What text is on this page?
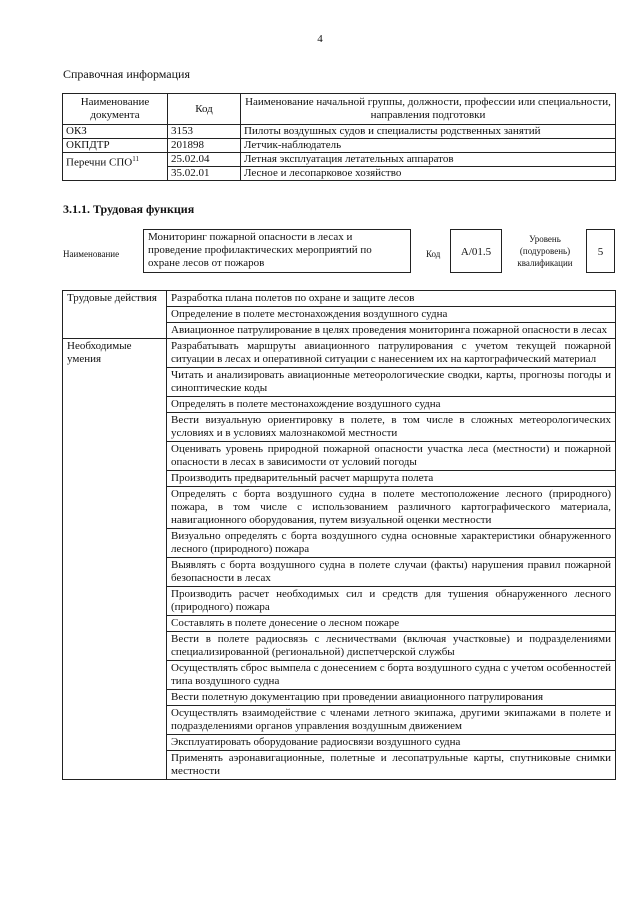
4
Справочная информация
Наименование документа	Код	Наименование начальной группы, должности, профессии или специальности, направления подготовки
ОКЗ	3153	Пилоты воздушных судов и специалисты родственных занятий
ОКПДТР	201898	Летчик-наблюдатель
Перечни СПО$^{11}$	25.02.04	Летная эксплуатация летательных аппаратов
	35.02.01	Лесное и лесопарковое хозяйство
3.1.1. Трудовая функция
Наименование
Мониторинг пожарной опасности в лесах и проведение профилактических мероприятий по охране лесов от пожаров
Код	А/01.5
Уровень (подуровень) квалификации
5
Трудовые действия	Разработка плана полетов по охране и защите лесов
	Определение в полете местонахождения воздушного судна
	Авиационное патрулирование в целях проведения мониторинга пожарной опасности в лесах
Необходимые умения	Разрабатывать маршруты авиационного патрулирования с учетом текущей пожарной ситуации в лесах и оперативной ситуации с нанесением их на картографический материал
	Читать и анализировать авиационные метеорологические сводки, карты, прогнозы погоды и синоптические коды
	Определять в полете местонахождение воздушного судна
	Вести визуальную ориентировку в полете, в том числе в сложных метеорологических условиях и в условиях малознакомой местности
	Оценивать уровень природной пожарной опасности участка леса (местности) и пожарной опасности в лесах в зависимости от условий погоды
	Производить предварительный расчет маршрута полета
	Определять с борта воздушного судна в полете местоположение лесного (природного) пожара, в том числе с использованием различного картографического материала, навигационного оборудования, путем визуальной оценки местности
	Визуально определять с борта воздушного судна основные характеристики обнаруженного лесного (природного) пожара
	Выявлять с борта воздушного судна в полете случаи (факты) нарушения правил пожарной безопасности в лесах
	Производить расчет необходимых сил и средств для тушения обнаруженного лесного (природного) пожара
	Составлять в полете донесение о лесном пожаре
	Вести в полете радиосвязь с лесничествами (включая участковые) и подразделениями специализированной (региональной) диспетчерской службы
	Осуществлять сброс вымпела с донесением с борта воздушного судна с учетом особенностей типа воздушного судна
	Вести полетную документацию при проведении авиационного патрулирования
	Осуществлять взаимодействие с членами летного экипажа, другими экипажами в полете и подразделениями органов управления воздушным движением
	Эксплуатировать оборудование радиосвязи воздушного судна
	Применять аэронавигационные, полетные и лесопатрульные карты, спутниковые снимки местности
